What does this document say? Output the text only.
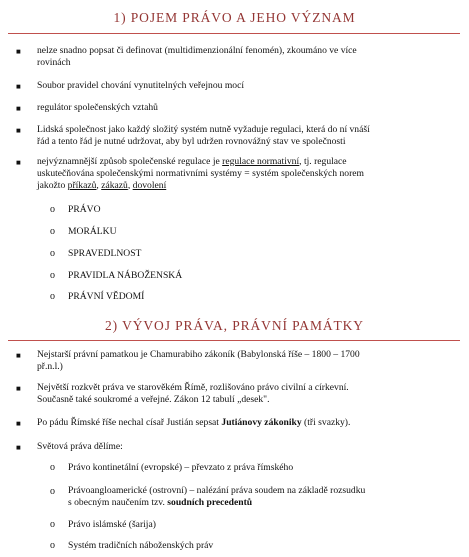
1) POJEM PRÁVO A JEHO VÝZNAM
■ nelze snadno popsat či definovat (multidimenzionální fenomén), zkoumáno ve více
rovinách
■ Soubor pravidel chování vynutitelných veřejnou mocí
■ regulátor společenských vztahů
■ Lidská společnost jako každý složitý systém nutně vyžaduje regulaci, která do ní vnáší
řád a tento řád je nutné udržovat, aby byl udržen rovnovážný stav ve společnosti
■ nejvýznamnější způsob společenské regulace je regulace normativní, tj. regulace
uskutečňována společenskými normativními systémy = systém společenských norem
jakožto příkazů, zákazů, dovolení
o PRÁVO
o MORÁLKU
o SPRAVEDLNOST
o PRAVIDLA NÁBOŽENSKÁ
o PRÁVNÍ VĚDOMÍ
2) VÝVOJ PRÁVA, PRÁVNÍ PAMÁTKY
■ Nejstarší právní pamatkou je Chamurabiho zákoník (Babylonská říše – 1800 – 1700
př.n.l.)
■ Největší rozkvět práva ve starověkém Římě, rozlišováno právo civilní a církevní.
Současně také soukromé a veřejné. Zákon 12 tabulí „desek".
■ Po pádu Římské říše nechal císař Justián sepsat Jutiánovy zákoniky (tři svazky).
■ Světová práva dělíme:
o Právo kontinetální (evropské) – převzato z práva římského
o Právoangloamerické (ostrovní) – nalézání práva soudem na základě rozsudku
s obecným naučením tzv. soudních precedentů
o Právo islámské (šarija)
o Systém tradičních náboženských práv
